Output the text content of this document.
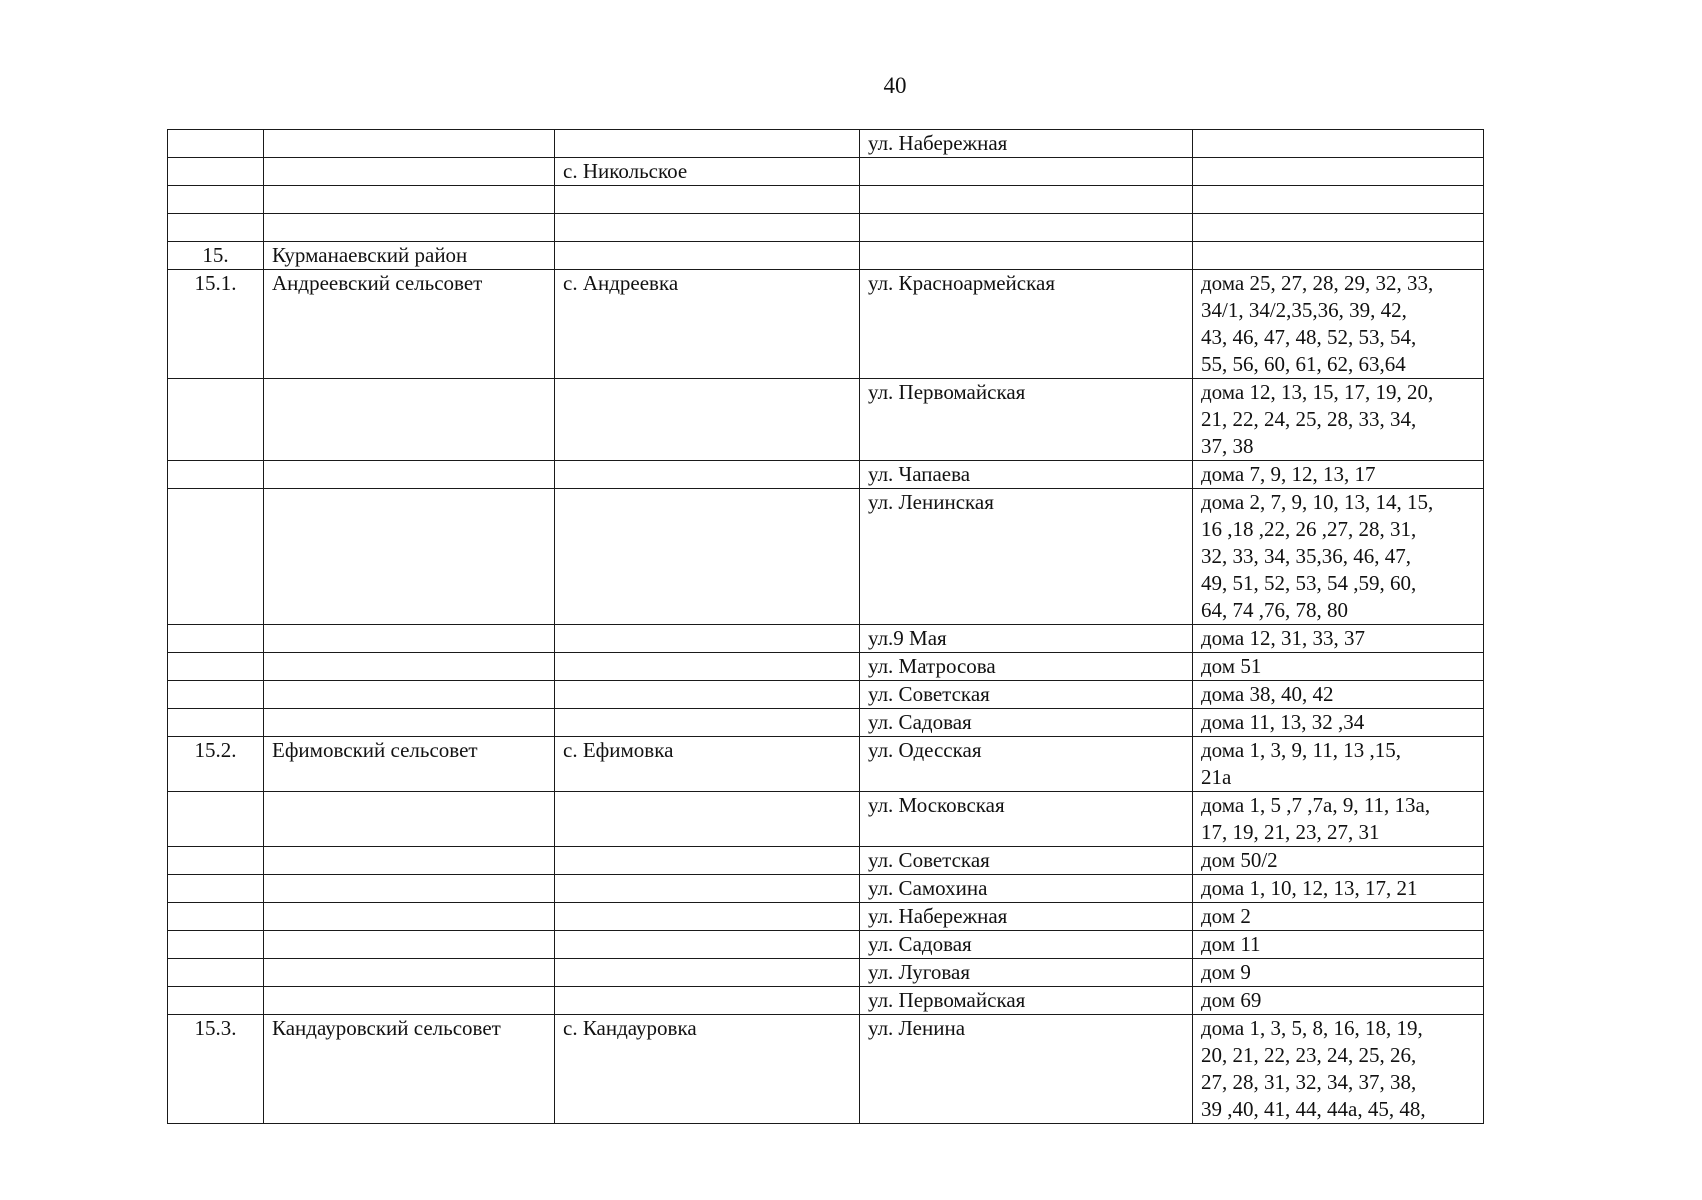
40
			ул. Набережная	
		с. Никольское		

15.	Курманаевский район			
15.1.	Андреевский сельсовет	с. Андреевка	ул. Красноармейская	дома 25, 27, 28, 29, 32, 33,
34/1, 34/2,35,36, 39, 42,
43, 46, 47, 48, 52, 53, 54,
55, 56, 60, 61, 62, 63,64
			ул. Первомайская	дома 12, 13, 15, 17, 19, 20,
21, 22, 24, 25, 28, 33, 34,
37, 38
			ул. Чапаева	дома 7, 9, 12, 13, 17
			ул. Ленинская	дома 2, 7, 9, 10, 13, 14, 15,
16 ,18 ,22, 26 ,27, 28, 31,
32, 33, 34, 35,36, 46, 47,
49, 51, 52, 53, 54 ,59, 60,
64, 74 ,76, 78, 80
			ул.9 Мая	дома 12, 31, 33, 37
			ул. Матросова	дом 51
			ул. Советская	дома 38, 40, 42
			ул. Садовая	дома 11, 13, 32 ,34
15.2.	Ефимовский сельсовет	с. Ефимовка	ул. Одесская	дома 1, 3, 9, 11, 13 ,15,
21а
			ул. Московская	дома 1, 5 ,7 ,7а, 9, 11, 13а,
17, 19, 21, 23, 27, 31
			ул. Советская	дом 50/2
			ул. Самохина	дома 1, 10, 12, 13, 17, 21
			ул. Набережная	дом 2
			ул. Садовая	дом 11
			ул. Луговая	дом 9
			ул. Первомайская	дом 69
15.3.	Кандауровский сельсовет	с. Кандауровка	ул. Ленина	дома 1, 3, 5, 8, 16, 18, 19,
20, 21, 22, 23, 24, 25, 26,
27, 28, 31, 32, 34, 37, 38,
39 ,40, 41, 44, 44а, 45, 48,
